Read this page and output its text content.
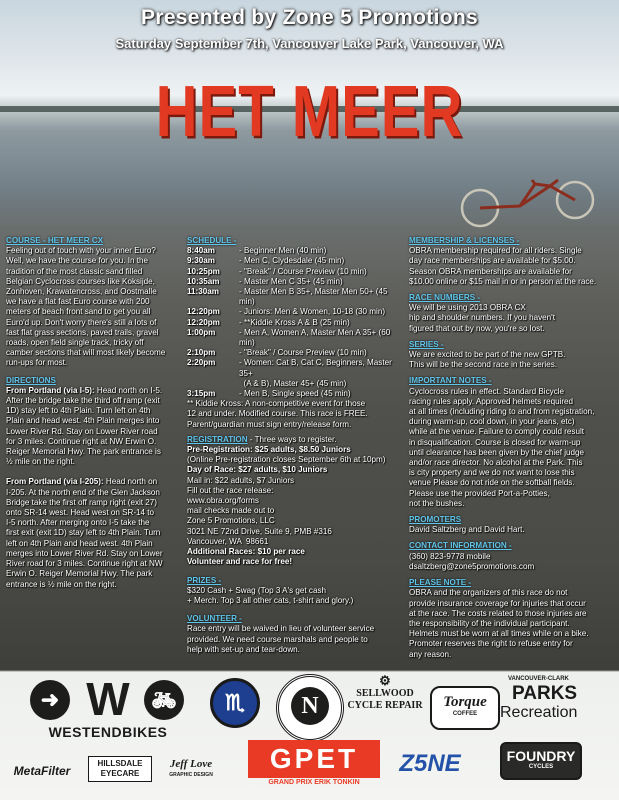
Presented by Zone 5 Promotions
Saturday September 7th, Vancouver Lake Park, Vancouver, WA
HET MEER
COURSE - HET MEER CX

Feeling out of touch with your inner Euro?
Well, we have the course for you. In the
tradition of the most classic sand filled
Belgian Cyclocross courses like Koksijde,
Zonhoven, Krawatencross, and Oostmalle
we have a flat fast Euro course with 200
meters of beach front sand to get you all
Euro'd up. Don't worry there's still a lots of
fast flat grass sections, paved trails, gravel
roads, open field single track, tricky off
camber sections that will most likely become
run-ups for most.

DIRECTIONS

From Portland (via I-5): Head north on I-5.
After the bridge take the third off ramp (exit
1D) stay left to 4th Plain. Turn left on 4th
Plain and head west. 4th Plain merges into
Lower River Rd. Stay on Lower River road
for 3 miles. Continue right at NW Erwin O.
Reiger Memorial Hwy. The park entrance is
½ mile on the right.

From Portland (via I-205): Head north on
I-205. At the north end of the Glen Jackson
Bridge take the first off ramp right (exit 27)
onto SR-14 west. Head west on SR-14 to
I-5 north. After merging onto I-5 take the
first exit (exit 1D) stay left to 4th Plain. Turn
left on 4th Plain and head west. 4th Plain
merges into Lower River Rd. Stay on Lower
River road for 3 miles. Continue right at NW
Erwin O. Reiger Memorial Hwy. The park
entrance is ½ mile on the right.

SCHEDULE -
8:40am	- Beginner Men (40 min)
9:30am	- Men C, Clydesdale (45 min)
10:25pm	- "Break" / Course Preview (10 min)
10:35am	- Master Men C 35+ (45 min)
11:30am	- Master Men B 35+, Master Men 50+ (45 min)
12:20pm	- Juniors: Men & Women, 10-18 (30 min)
12:20pm	- **Kiddie Kross A & B (25 min)
1:00pm	- Men A, Women A, Master Men A 35+ (60 min)
2:10pm	- "Break" / Course Preview (10 min)
2:20pm	- Women: Cat B, Cat C, Beginners, Master 35+
(A & B), Master 45+ (45 min)
3:15pm	- Men B, Single speed (45 min)

** Kiddie Kross: A non-competitive event for those
12 and under. Modified course. This race is FREE.
Parent/guardian must sign entry/release form.

REGISTRATION - Three ways to register.
Pre-Registration: $25 adults, $8.50 Juniors
(Online Pre-registration closes September 6th at 10pm)
Day of Race: $27 adults, $10 Juniors
Mail in: $22 adults, $7 Juniors

Fill out the race release:
www.obra.org/forms
mail checks made out to
Zone 5 Promotions, LLC
3021 NE 72nd Drive, Suite 9, PMB #316
Vancouver, WA  98661

Additional Races: $10 per race
Volunteer and race for free!
PRIZES -

$320 Cash + Swag (Top 3 A's get cash
+ Merch. Top 3 all other cats, t-shirt and glory.)

VOLUNTEER -

Race entry will be waived in lieu of volunteer service
provided. We need course marshals and people to
help with set-up and tear-down.

MEMBERSHIP & LICENSES -

OBRA membership required for all riders. Single
day race memberships are available for $5.00.
Season OBRA memberships are available for
$10.00 online or $15 mail in or in person at the race.

RACE NUMBERS -

We will be using 2013 OBRA CX
hip and shoulder numbers. If you haven't
figured that out by now, you're so lost.

SERIES -

We are excited to be part of the new GPTB.
This will be the second race in the series.

IMPORTANT NOTES -

Cyclocross rules in effect. Standard Bicycle
racing rules apply. Approved helmets required
at all times (including riding to and from registration,
during warm-up, cool down, in your jeans, etc)
while at the venue. Failure to comply could result
in disqualification. Course is closed for warm-up
until clearance has been given by the chief judge
and/or race director. No alcohol at the Park. This
is city property and we do not want to lose this
venue Please do not ride on the softball fields.
Please use the provided Port-a-Potties,
not the bushes.

PROMOTERS

David Saltzberg and David Hart.

CONTACT INFORMATION -

(360) 823-9778 mobile
dsaltzberg@zone5promotions.com

PLEASE NOTE -

OBRA and the organizers of this race do not
provide insurance coverage for injuries that occur
at the race. The costs related to those injuries are
the responsibility of the individual participant.
Helmets must be worn at all times while on a bike.
Promoter reserves the right to refuse entry for
any reason.

➜ W	🚲︎
WESTENDBIKES
♏︎	N
⚙
SELLWOOD
CYCLE REPAIR	Torque
COFFEE
VANCOUVER-CLARK
PARKS
Recreation
MetaFilter
HILLSDALE
EYECARE
Jeff Love
GRAPHIC DESIGN
GPET
GRAND PRIX ERIK TONKIN
Z5NE	FOUNDRY
CYCLES
